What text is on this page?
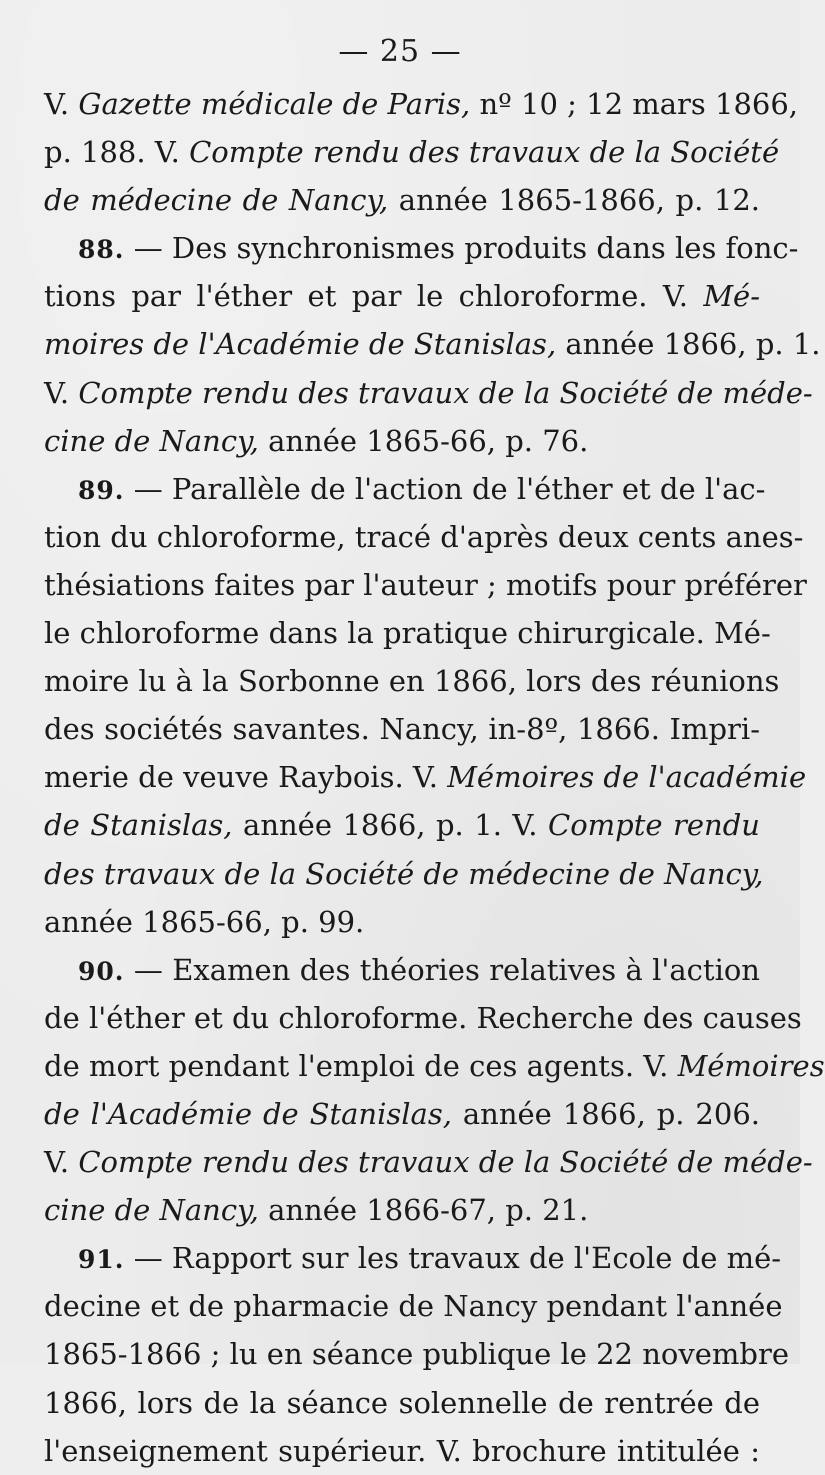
— 25 —
V. Gazette médicale de Paris, nº 10 ; 12 mars 1866,
p. 188. V. Compte rendu des travaux de la Société
de médecine de Nancy, année 1865-1866, p. 12.
88. — Des synchronismes produits dans les fonc-
tions par l'éther et par le chloroforme. V. Mé-
moires de l'Académie de Stanislas, année 1866, p. 1.
V. Compte rendu des travaux de la Société de méde-
cine de Nancy, année 1865-66, p. 76.
89. — Parallèle de l'action de l'éther et de l'ac-
tion du chloroforme, tracé d'après deux cents anes-
thésiations faites par l'auteur ; motifs pour préférer
le chloroforme dans la pratique chirurgicale. Mé-
moire lu à la Sorbonne en 1866, lors des réunions
des sociétés savantes. Nancy, in-8º, 1866. Impri-
merie de veuve Raybois. V. Mémoires de l'académie
de Stanislas, année 1866, p. 1. V. Compte rendu
des travaux de la Société de médecine de Nancy,
année 1865-66, p. 99.
90. — Examen des théories relatives à l'action
de l'éther et du chloroforme. Recherche des causes
de mort pendant l'emploi de ces agents. V. Mémoires
de l'Académie de Stanislas, année 1866, p. 206.
V. Compte rendu des travaux de la Société de méde-
cine de Nancy, année 1866-67, p. 21.
91. — Rapport sur les travaux de l'Ecole de mé-
decine et de pharmacie de Nancy pendant l'année
1865-1866 ; lu en séance publique le 22 novembre
1866, lors de la séance solennelle de rentrée de
l'enseignement supérieur. V. brochure intitulée :
